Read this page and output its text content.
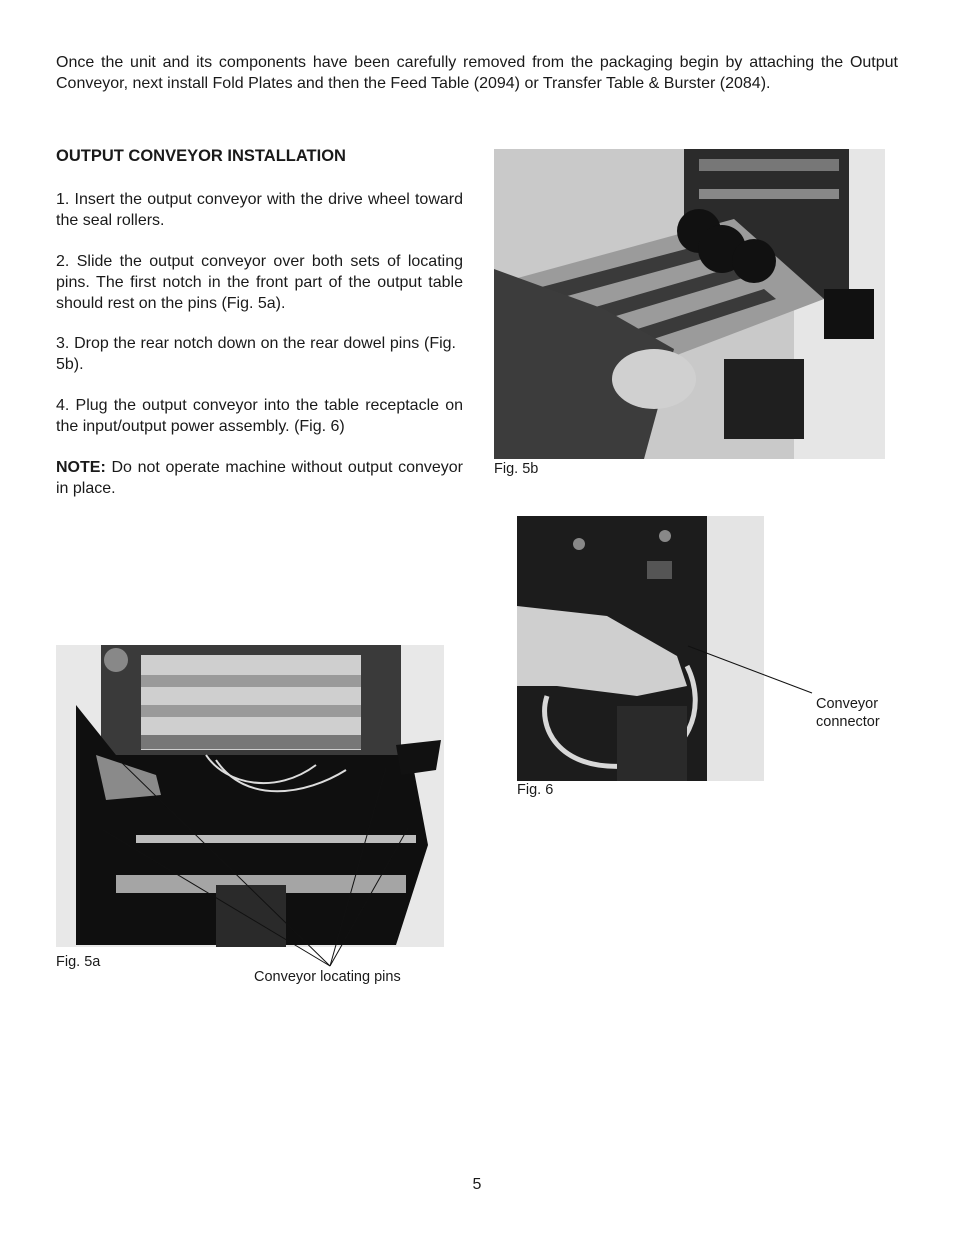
Once the unit and its components have been carefully removed from the packaging begin by attaching the Output Conveyor, next install Fold Plates and then the Feed Table (2094) or Transfer Table & Burster (2084).

OUTPUT CONVEYOR INSTALLATION

1. Insert the output conveyor with the drive wheel toward the seal rollers.

2. Slide the output conveyor over both sets of locating pins. The first notch in the front part of the output table should rest on the pins (Fig. 5a).

3. Drop the rear notch down on the rear dowel pins (Fig. 5b).

4. Plug the output conveyor into the table receptacle on the input/output power assembly. (Fig. 6)

NOTE: Do not operate machine without output conveyor in place.

Fig. 5b

Fig. 6

Conveyor
connector

Fig. 5a

Conveyor locating pins

5
